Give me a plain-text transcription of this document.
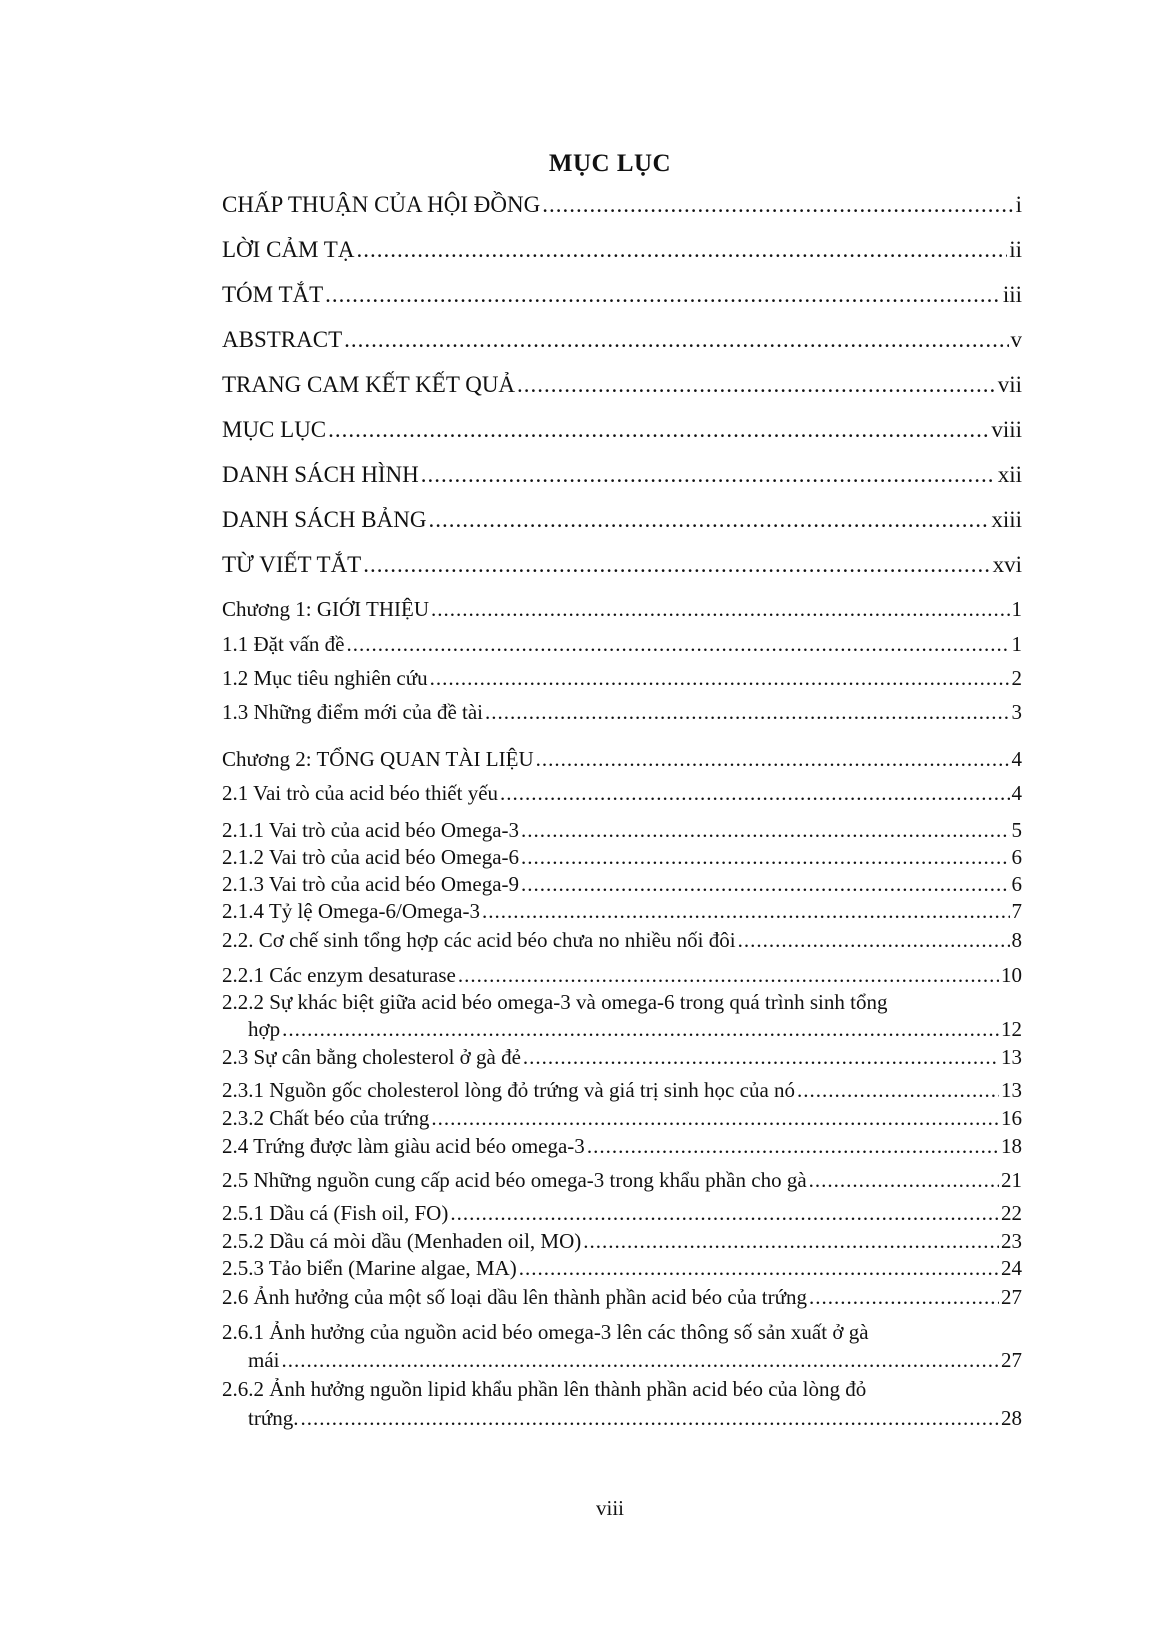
MỤC LỤC
CHẤP THUẬN CỦA HỘI ĐỒNG .....	i
LỜI CẢM TẠ .....	ii
TÓM TẮT .....	iii
ABSTRACT .....	v
TRANG CAM KẾT KẾT QUẢ .....	vii
MỤC LỤC .....	viii
DANH SÁCH HÌNH .....	xii
DANH SÁCH BẢNG .....	xiii
TỪ VIẾT TẮT .....	xvi
Chương 1: GIỚI THIỆU .....	1
1.1 Đặt vấn đề .....	1
1.2 Mục tiêu nghiên cứu .....	2
1.3 Những điểm mới của đề tài .....	3
Chương 2: TỔNG QUAN TÀI LIỆU .....	4
2.1 Vai trò của acid béo thiết yếu .....	4
2.1.1 Vai trò của acid béo Omega-3 .....	5
2.1.2 Vai trò của acid béo Omega-6 .....	6
2.1.3 Vai trò của acid béo Omega-9 .....	6
2.1.4 Tỷ lệ Omega-6/Omega-3 .....	7
2.2. Cơ chế sinh tổng hợp các acid béo chưa no nhiều nối đôi .....	8
2.2.1 Các enzym desaturase .....	10
2.2.2 Sự khác biệt giữa acid béo omega-3 và omega-6 trong quá trình sinh tổng
hợp .....	12
2.3 Sự cân bằng cholesterol ở gà đẻ .....	13
2.3.1 Nguồn gốc cholesterol lòng đỏ trứng và giá trị sinh học của nó .....	13
2.3.2 Chất béo của trứng .....	16
2.4 Trứng được làm giàu acid béo omega-3 .....	18
2.5 Những nguồn cung cấp acid béo omega-3 trong khẩu phần cho gà .....	21
2.5.1 Dầu cá (Fish oil, FO) .....	22
2.5.2 Dầu cá mòi dầu (Menhaden oil, MO) .....	23
2.5.3 Tảo biển (Marine algae, MA) .....	24
2.6 Ảnh hưởng của một số loại dầu lên thành phần acid béo của trứng .....	27
2.6.1 Ảnh hưởng của nguồn acid béo omega-3 lên các thông số sản xuất ở gà
mái .....	27
2.6.2 Ảnh hưởng nguồn lipid khẩu phần lên thành phần acid béo của lòng đỏ
trứng. .....	28
viii
